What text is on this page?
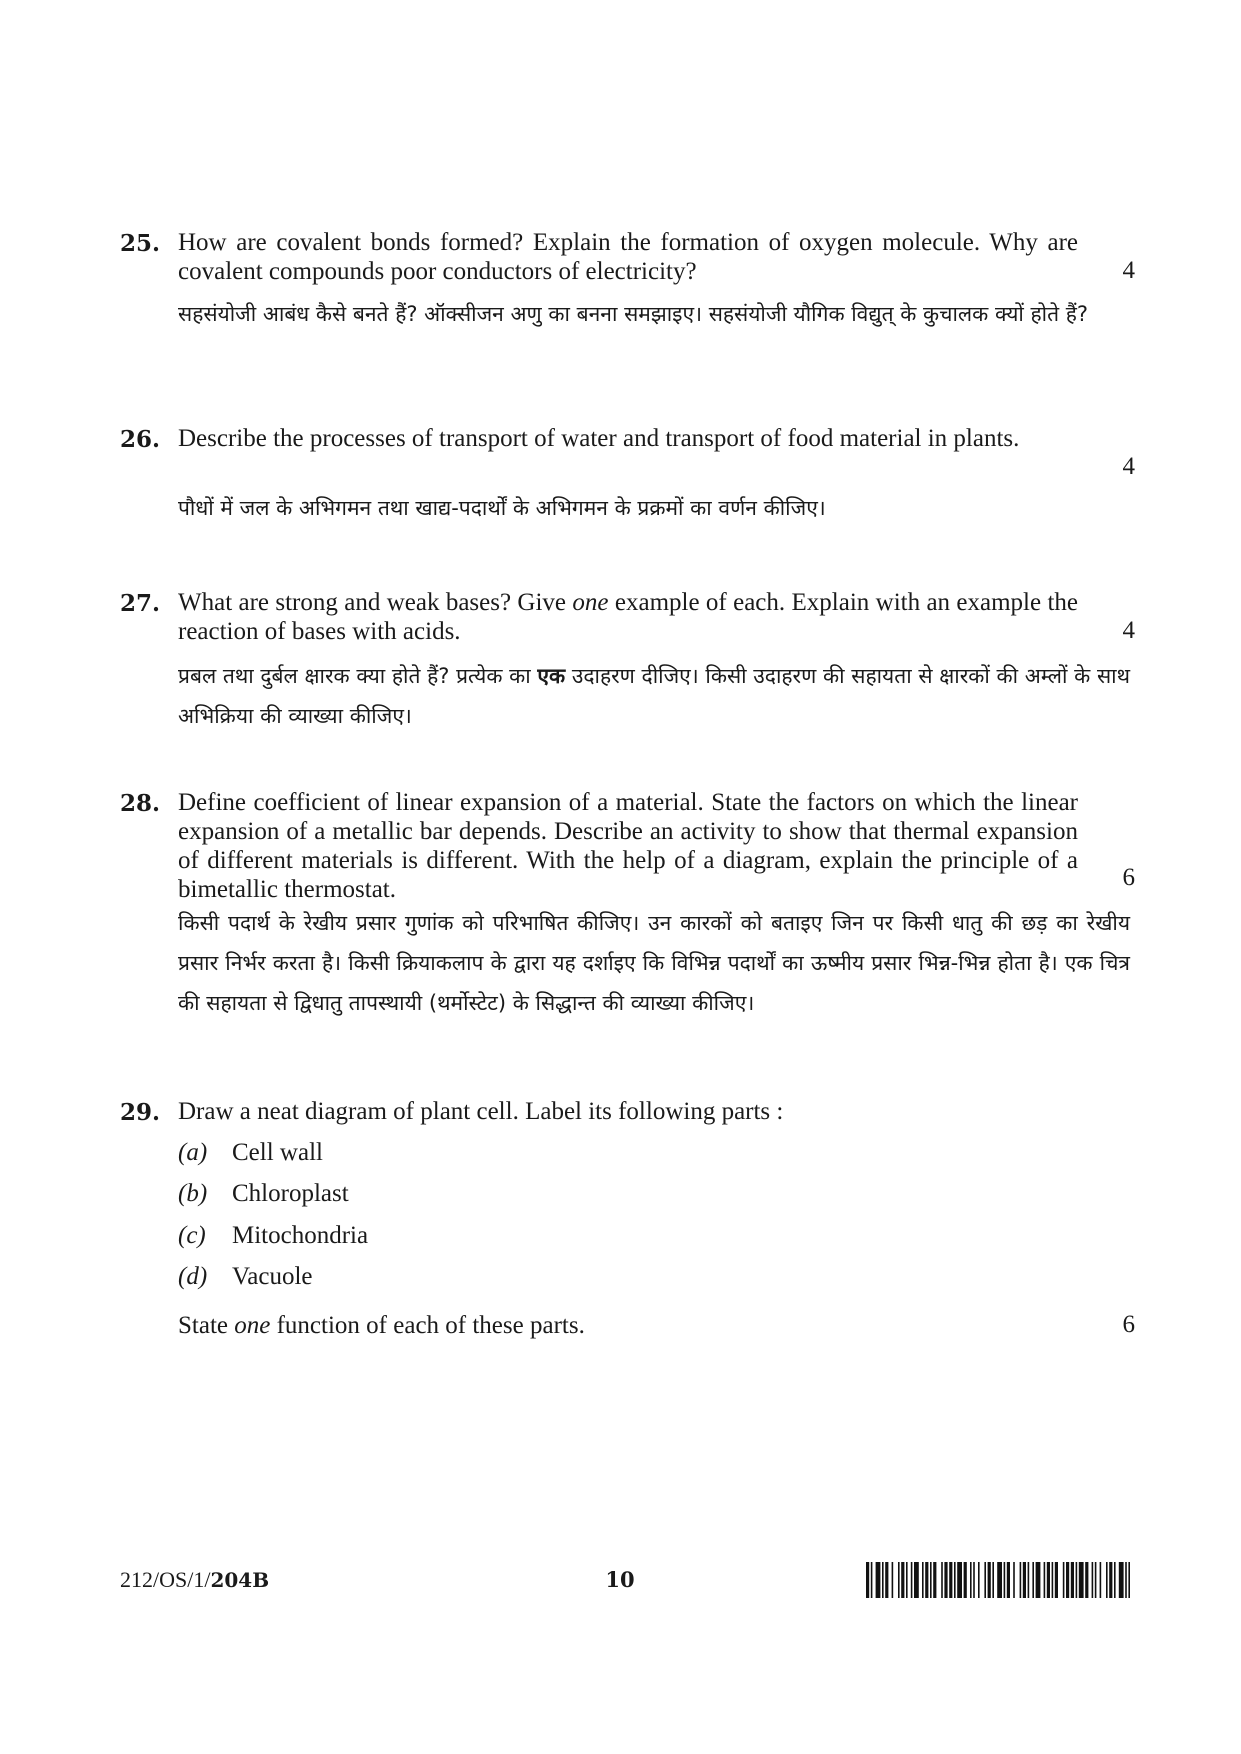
25. How are covalent bonds formed? Explain the formation of oxygen molecule. Why are covalent compounds poor conductors of electricity?	4
सहसंयोजी आबंध कैसे बनते हैं? ऑक्सीजन अणु का बनना समझाइए। सहसंयोजी यौगिक विद्युत् के कुचालक क्यों होते हैं?
26. Describe the processes of transport of water and transport of food material in plants.
4
पौधों में जल के अभिगमन तथा खाद्य-पदार्थों के अभिगमन के प्रक्रमों का वर्णन कीजिए।
27. What are strong and weak bases? Give one example of each. Explain with an example the reaction of bases with acids.	4
प्रबल तथा दुर्बल क्षारक क्या होते हैं? प्रत्येक का एक उदाहरण दीजिए। किसी उदाहरण की सहायता से क्षारकों की अम्लों के साथ अभिक्रिया की व्याख्या कीजिए।
28. Define coefficient of linear expansion of a material. State the factors on which the linear expansion of a metallic bar depends. Describe an activity to show that thermal expansion of different materials is different. With the help of a diagram, explain the principle of a bimetallic thermostat.	6
किसी पदार्थ के रेखीय प्रसार गुणांक को परिभाषित कीजिए। उन कारकों को बताइए जिन पर किसी धातु की छड़ का रेखीय प्रसार निर्भर करता है। किसी क्रियाकलाप के द्वारा यह दर्शाइए कि विभिन्न पदार्थों का ऊष्मीय प्रसार भिन्न-भिन्न होता है। एक चित्र की सहायता से द्विधातु तापस्थायी (थर्मोस्टेट) के सिद्धान्त की व्याख्या कीजिए।
29. Draw a neat diagram of plant cell. Label its following parts :
(a) Cell wall
(b) Chloroplast
(c) Mitochondria
(d) Vacuole
State one function of each of these parts.	6
212/OS/1/204B	10
